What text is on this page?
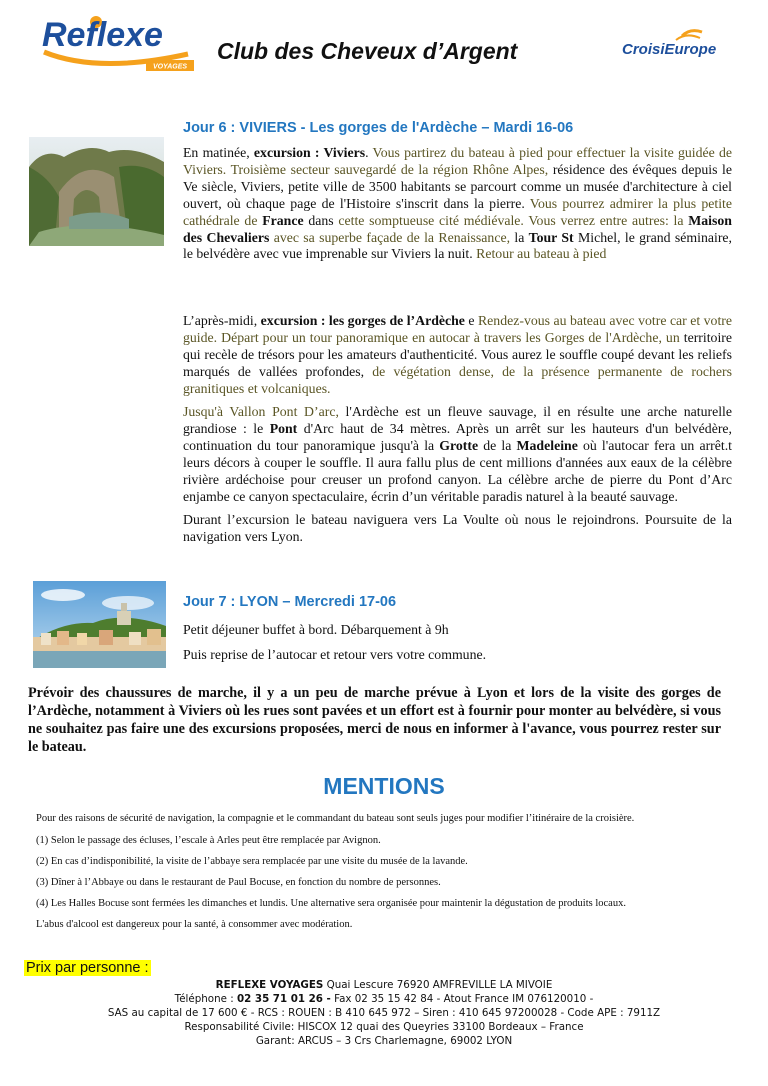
Reflexe
VOYAGES
Club des Cheveux d’Argent	CroisiEurope
Jour 6 : VIVIERS - Les gorges de l'Ardèche – Mardi 16-06
En matinée, excursion : Viviers. Vous partirez du bateau à pied pour effectuer la visite guidée de Viviers. Troisième secteur sauvegardé de la région Rhône Alpes, résidence des évêques depuis le Ve siècle, Viviers, petite ville de 3500 habitants se parcourt comme un musée d'architecture à ciel ouvert, où chaque page de l'Histoire s'inscrit dans la pierre. Vous pourrez admirer la plus petite cathédrale de France dans cette somptueuse cité médiévale. Vous verrez entre autres: la Maison des Chevaliers avec sa superbe façade de la Renaissance, la Tour St Michel, le grand séminaire, le belvédère avec vue imprenable sur Viviers la nuit. Retour au bateau à pied
L’après-midi, excursion : les gorges de l’Ardèche e Rendez-vous au bateau avec votre car et votre guide. Départ pour un tour panoramique en autocar à travers les Gorges de l'Ardèche, un territoire qui recèle de trésors pour les amateurs d'authenticité. Vous aurez le souffle coupé devant les reliefs marqués de vallées profondes, de végétation dense, de la présence permanente de rochers granitiques et volcaniques.
Jusqu'à Vallon Pont D’arc, l'Ardèche est un fleuve sauvage, il en résulte une arche naturelle grandiose : le Pont d'Arc haut de 34 mètres. Après un arrêt sur les hauteurs d'un belvédère, continuation du tour panoramique jusqu'à la Grotte de la Madeleine où l'autocar fera un arrêt.t leurs décors à couper le souffle. Il aura fallu plus de cent millions d'années aux eaux de la célèbre rivière ardéchoise pour creuser un profond canyon. La célèbre arche de pierre du Pont d’Arc enjambe ce canyon spectaculaire, écrin d’un véritable paradis naturel à la beauté sauvage.
Durant l’excursion le bateau naviguera vers La Voulte où nous le rejoindrons. Poursuite de la navigation vers Lyon.
Jour 7 : LYON – Mercredi 17-06
Petit déjeuner buffet à bord. Débarquement à 9h
Puis reprise de l’autocar et retour vers votre commune.
Prévoir des chaussures de marche, il y a un peu de marche prévue à Lyon et lors de la visite des gorges de l’Ardèche, notamment à Viviers où les rues sont pavées et un effort est à fournir pour monter au belvédère, si vous ne souhaitez pas faire une des excursions proposées, merci de nous en informer à l'avance, vous pourrez rester sur le bateau.
MENTIONS
Pour des raisons de sécurité de navigation, la compagnie et le commandant du bateau sont seuls juges pour modifier l’itinéraire de la croisière.
(1) Selon le passage des écluses, l’escale à Arles peut être remplacée par Avignon.
(2) En cas d’indisponibilité, la visite de l’abbaye sera remplacée par une visite du musée de la lavande.
(3) Dîner à l’Abbaye ou dans le restaurant de Paul Bocuse, en fonction du nombre de personnes.
(4) Les Halles Bocuse sont fermées les dimanches et lundis. Une alternative sera organisée pour maintenir la dégustation de produits locaux.
L'abus d'alcool est dangereux pour la santé, à consommer avec modération.
Prix par personne :
REFLEXE VOYAGES Quai Lescure 76920 AMFREVILLE LA MIVOIE
Téléphone : 02 35 71 01 26 - Fax 02 35 15 42 84 - Atout France IM 076120010 -
SAS au capital de 17 600 € - RCS : ROUEN : B 410 645 972 – Siren : 410 645 97200028 - Code APE : 7911Z
Responsabilité Civile: HISCOX 12 quai des Queyries 33100 Bordeaux – France
Garant: ARCUS – 3 Crs Charlemagne, 69002 LYON
